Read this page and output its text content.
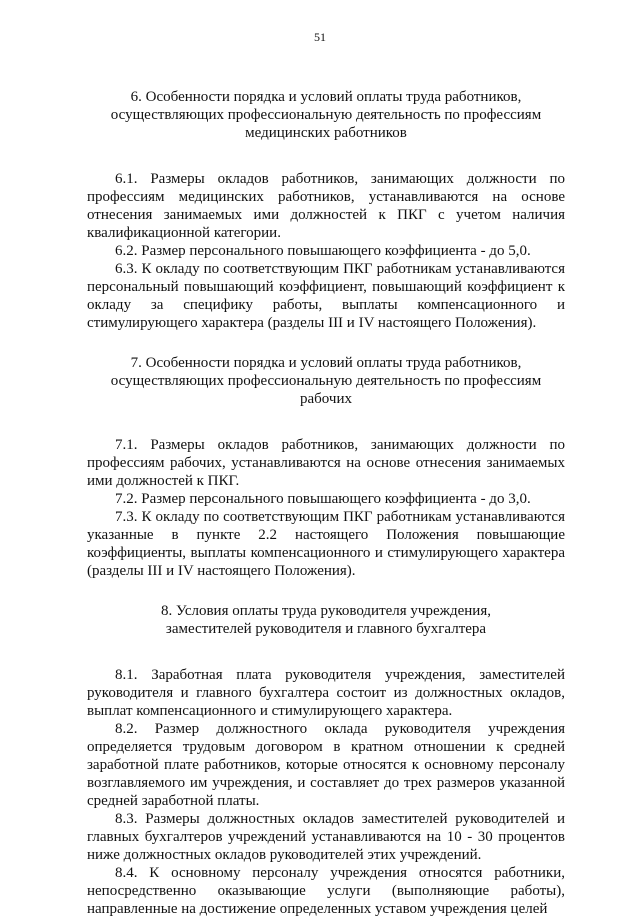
51
6. Особенности порядка и условий оплаты труда работников,
осуществляющих профессиональную деятельность по профессиям
медицинских работников

6.1. Размеры окладов работников, занимающих должности по профессиям медицинских работников, устанавливаются на основе отнесения занимаемых ими должностей к ПКГ с учетом наличия квалификационной категории.

6.2. Размер персонального повышающего коэффициента - до 5,0.

6.3. К окладу по соответствующим ПКГ работникам устанавливаются персональный повышающий коэффициент, повышающий коэффициент к окладу за специфику работы, выплаты компенсационного и стимулирующего характера (разделы III и IV настоящего Положения).

7. Особенности порядка и условий оплаты труда работников,
осуществляющих профессиональную деятельность по профессиям
рабочих

7.1. Размеры окладов работников, занимающих должности по профессиям рабочих, устанавливаются на основе отнесения занимаемых ими должностей к ПКГ.

7.2. Размер персонального повышающего коэффициента - до 3,0.

7.3. К окладу по соответствующим ПКГ работникам устанавливаются указанные в пункте 2.2 настоящего Положения повышающие коэффициенты, выплаты компенсационного и стимулирующего характера (разделы III и IV настоящего Положения).

8. Условия оплаты труда руководителя учреждения,
заместителей руководителя и главного бухгалтера

8.1. Заработная плата руководителя учреждения, заместителей руководителя и главного бухгалтера состоит из должностных окладов, выплат компенсационного и стимулирующего характера.

8.2. Размер должностного оклада руководителя учреждения определяется трудовым договором в кратном отношении к средней заработной плате работников, которые относятся к основному персоналу возглавляемого им учреждения, и составляет до трех размеров указанной средней заработной платы.

8.3. Размеры должностных окладов заместителей руководителей и главных бухгалтеров учреждений устанавливаются на 10 - 30 процентов ниже должностных окладов руководителей этих учреждений.

8.4. К основному персоналу учреждения относятся работники, непосредственно оказывающие услуги (выполняющие работы), направленные на достижение определенных уставом учреждения целей
